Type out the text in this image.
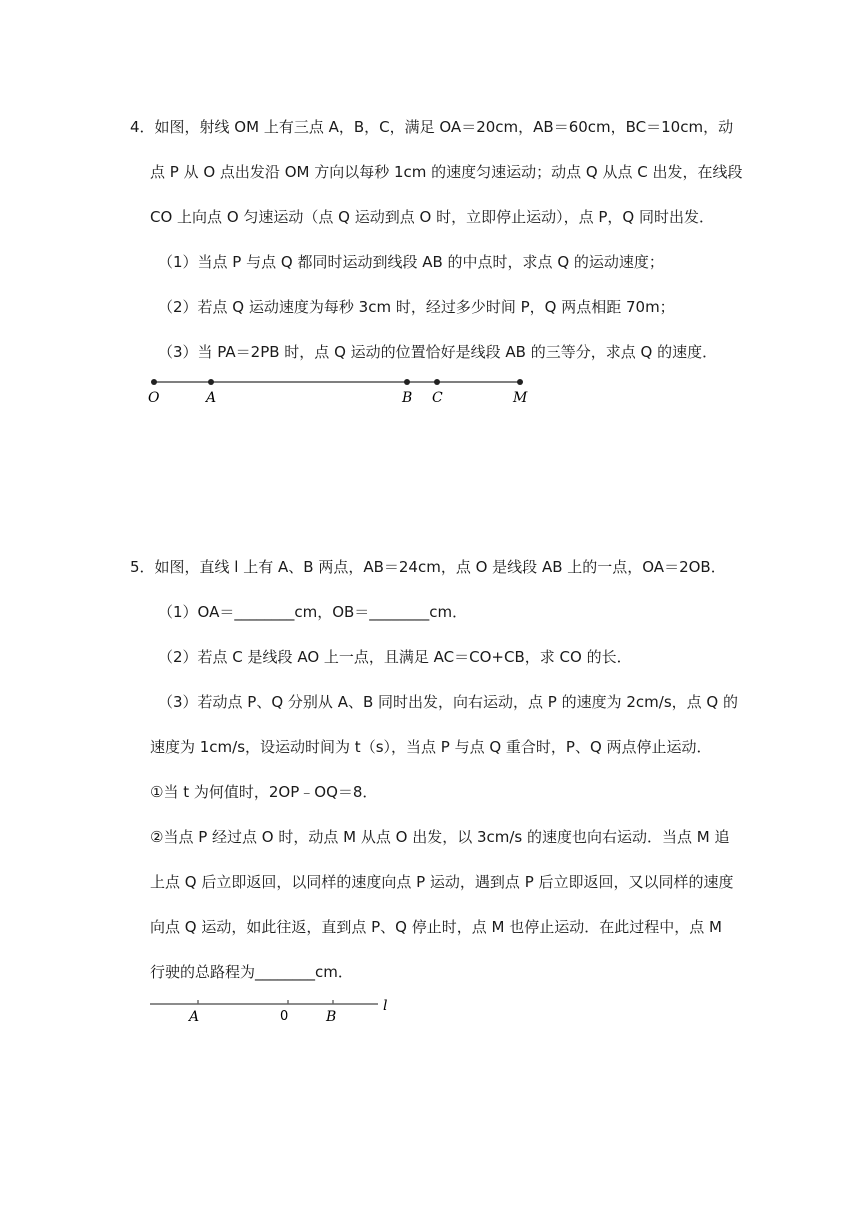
4．如图，射线 OM 上有三点 A，B，C，满足 OA＝20cm，AB＝60cm，BC＝10cm，动
点 P 从 O 点出发沿 OM 方向以每秒 1cm 的速度匀速运动；动点 Q 从点 C 出发，在线段
CO 上向点 O 匀速运动（点 Q 运动到点 O 时，立即停止运动），点 P，Q 同时出发．
（1）当点 P 与点 Q 都同时运动到线段 AB 的中点时，求点 Q 的运动速度；
（2）若点 Q 运动速度为每秒 3cm 时，经过多少时间 P，Q 两点相距 70m；
（3）当 PA＝2PB 时，点 Q 运动的位置恰好是线段 AB 的三等分，求点 Q 的速度．
O	A	B C	M
5．如图，直线 l 上有 A、B 两点，AB＝24cm，点 O 是线段 AB 上的一点，OA＝2OB．
（1）OA＝________cm，OB＝________cm．
（2）若点 C 是线段 AO 上一点，且满足 AC＝CO+CB，求 CO 的长．
（3）若动点 P、Q 分别从 A、B 同时出发，向右运动，点 P 的速度为 2cm/s，点 Q 的
速度为 1cm/s，设运动时间为 t（s），当点 P 与点 Q 重合时，P、Q 两点停止运动．
①当 t 为何值时，2OP﹣OQ＝8．
②当点 P 经过点 O 时，动点 M 从点 O 出发，以 3cm/s 的速度也向右运动．当点 M 追
上点 Q 后立即返回，以同样的速度向点 P 运动，遇到点 P 后立即返回，又以同样的速度
向点 Q 运动，如此往返，直到点 P、Q 停止时，点 M 也停止运动．在此过程中，点 M
行驶的总路程为________cm．
A	0	B
l
